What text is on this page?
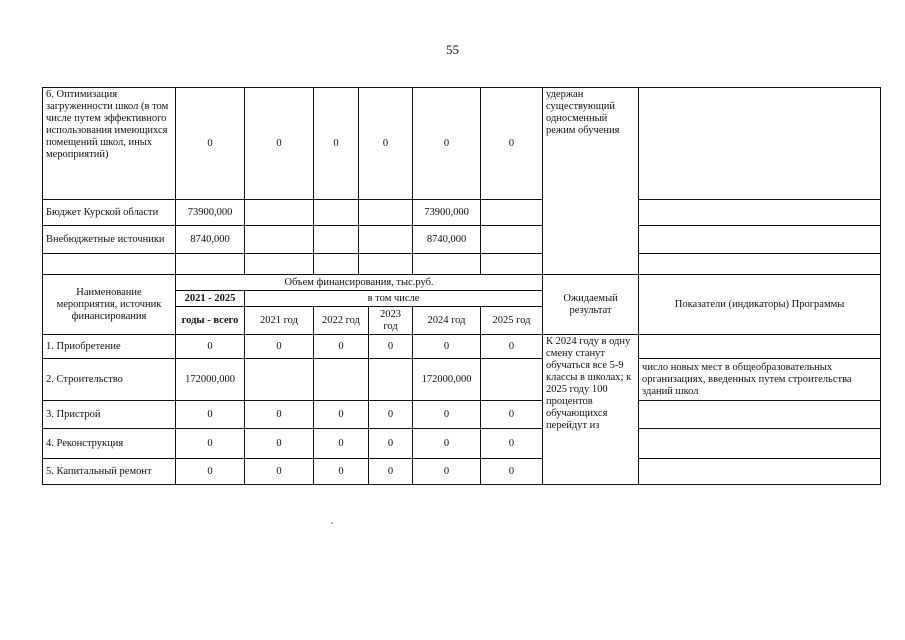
55
6. Оптимизация загруженности школ (в том числе путем эффективного использования имеющихся помещений школ, иных мероприятий)	0	0	0	0	0	0	удержан существующий односменный режим обучения	
Бюджет Курской области	73900,000				73900,000			
Внебюджетные источники	8740,000				8740,000			

Наименование мероприятия, источник финансирования	Объем финансирования, тыс.руб.						Ожидаемый результат	Показатели (индикаторы) Программы
	2021 - 2025	в том числе						
	годы - всего	2021 год	2022 год	2023 год	2024 год	2025 год		
1. Приобретение	0	0	0	0	0	0	К 2024 году в одну смену станут обучаться все 5-9 классы в школах; к 2025 году 100 процентов обучающихся перейдут из	
2. Строительство	172000,000				172000,000			число новых мест в общеобразовательных организациях, введенных путем строительства зданий школ
3. Пристрой	0	0	0	0	0	0		
4. Реконструкция	0	0	0	0	0	0		
5. Капитальный ремонт	0	0	0	0	0	0		
